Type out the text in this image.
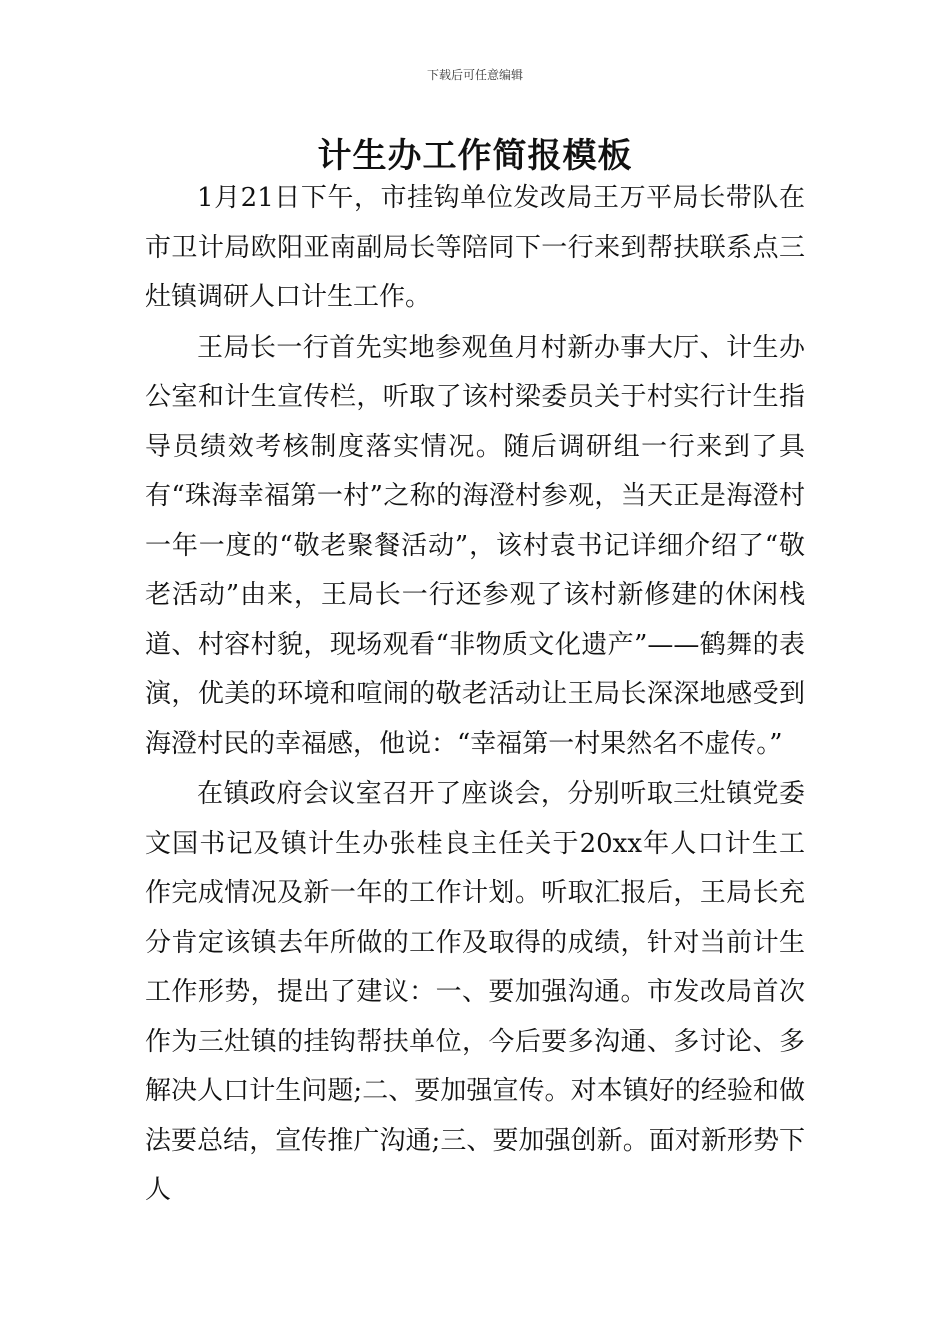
下载后可任意编辑
计生办工作简报模板

1月21日下午，市挂钩单位发改局王万平局长带队在市卫计局欧阳亚南副局长等陪同下一行来到帮扶联系点三灶镇调研人口计生工作。

王局长一行首先实地参观鱼月村新办事大厅、计生办公室和计生宣传栏，听取了该村梁委员关于村实行计生指导员绩效考核制度落实情况。随后调研组一行来到了具有“珠海幸福第一村”之称的海澄村参观，当天正是海澄村一年一度的“敬老聚餐活动”，该村袁书记详细介绍了“敬老活动”由来，王局长一行还参观了该村新修建的休闲栈道、村容村貌，现场观看“非物质文化遗产”——鹤舞的表演，优美的环境和喧闹的敬老活动让王局长深深地感受到海澄村民的幸福感，他说：“幸福第一村果然名不虚传。”

在镇政府会议室召开了座谈会，分别听取三灶镇党委文国书记及镇计生办张桂良主任关于20xx年人口计生工作完成情况及新一年的工作计划。听取汇报后，王局长充分肯定该镇去年所做的工作及取得的成绩，针对当前计生工作形势，提出了建议：一、要加强沟通。市发改局首次作为三灶镇的挂钩帮扶单位，今后要多沟通、多讨论、多解决人口计生问题;二、要加强宣传。对本镇好的经验和做法要总结，宣传推广沟通;三、要加强创新。面对新形势下人
